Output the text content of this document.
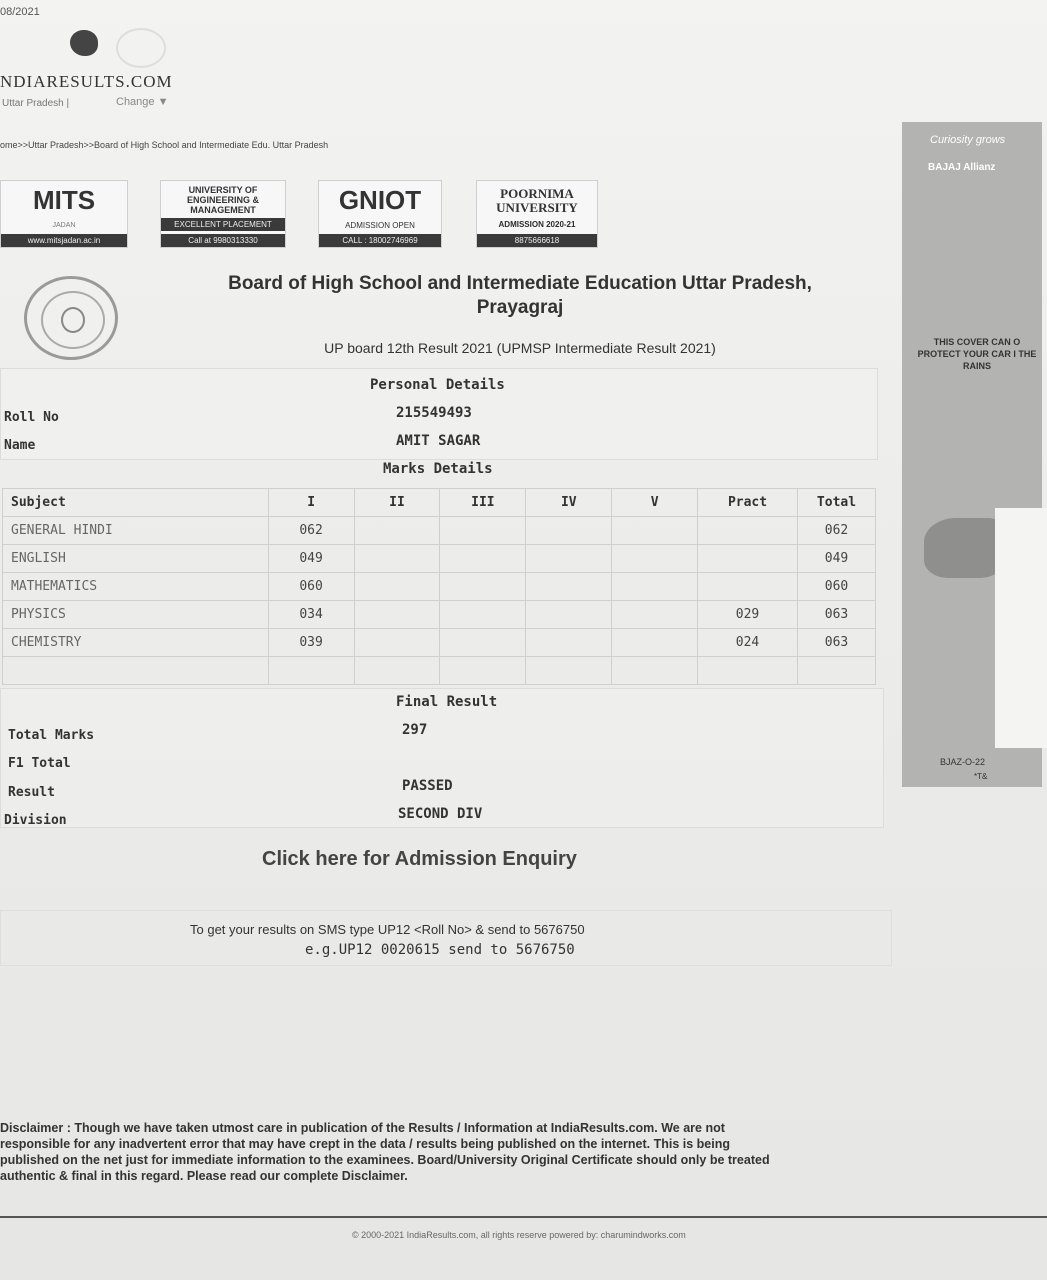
08/2021
NDIARESULTS.COM
Uttar Pradesh |	Change ▼
ome>>Uttar Pradesh>>Board of High School and Intermediate Edu. Uttar Pradesh
MITS
JADAN
www.mitsjadan.ac.in
UNIVERSITY OF ENGINEERING & MANAGEMENT
EXCELLENT PLACEMENT
Call at 9980313330
GNIOT
ADMISSION OPEN
CALL : 18002746969
POORNIMA UNIVERSITY
ADMISSION 2020-21
8875666618
Board of High School and Intermediate Education Uttar Pradesh,
Prayagraj
UP board 12th Result 2021 (UPMSP Intermediate Result 2021)
Personal Details
Roll No	215549493
Name	AMIT SAGAR
Marks Details
Subject	I	II	III	IV	V	Pract	Total
GENERAL HINDI	062						062
ENGLISH	049						049
MATHEMATICS	060						060
PHYSICS	034					029	063
CHEMISTRY	039					024	063

Final Result
Total Marks	297
F1 Total
Result	PASSED
Division	SECOND DIV
Click here for Admission Enquiry
To get your results on SMS type UP12 <Roll No> & send to 5676750
e.g.UP12 0020615 send to 5676750
Disclaimer : Though we have taken utmost care in publication of the Results / Information at IndiaResults.com. We are not responsible for any inadvertent error that may have crept in the data / results being published on the internet. This is being published on the net just for immediate information to the examinees. Board/University Original Certificate should only be treated authentic & final in this regard. Please read our complete Disclaimer.
© 2000-2021 IndiaResults.com, all rights reserve powered by: charumindworks.com
Curiosity grows
BAJAJ Allianz
THIS COVER CAN O PROTECT YOUR CAR I THE RAINS
BJAZ-O-22
*T&
